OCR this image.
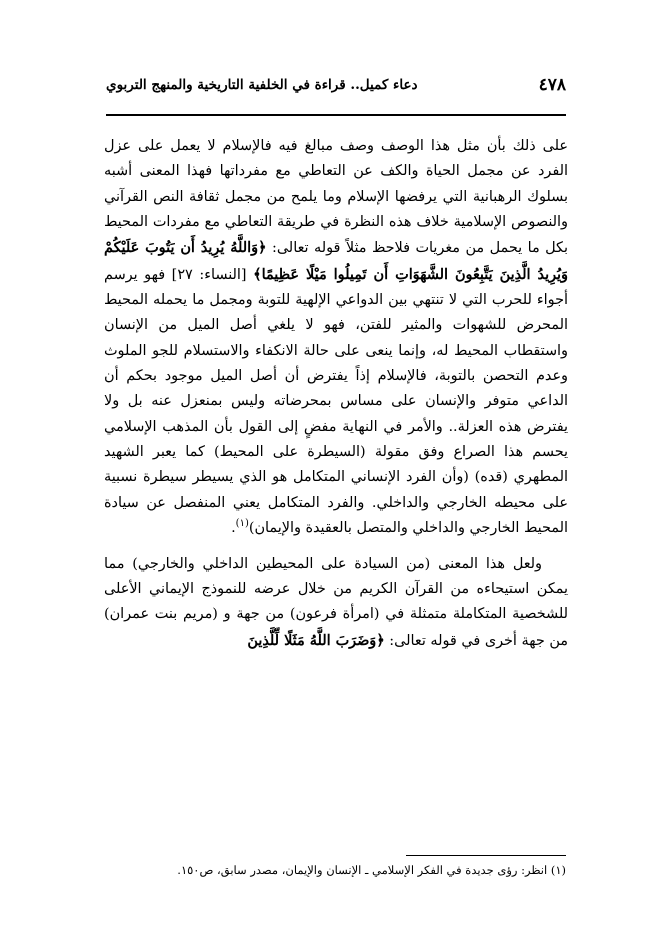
٤٧٨
دعاء كميل.. قراءة في الخلفية التاريخية والمنهج التربوي

على ذلك بأن مثل هذا الوصف وصف مبالغ فيه فالإسلام لا يعمل على عزل الفرد عن مجمل الحياة والكف عن التعاطي مع مفرداتها فهذا المعنى أشبه بسلوك الرهبانية التي يرفضها الإسلام وما يلمح من مجمل ثقافة النص القرآني والنصوص الإسلامية خلاف هذه النظرة في طريقة التعاطي مع مفردات المحيط بكل ما يحمل من مغريات فلاحظ مثلاً قوله تعالى: ﴿وَاللَّهُ يُرِيدُ أَن يَتُوبَ عَلَيْكُمْ وَيُرِيدُ الَّذِينَ يَتَّبِعُونَ الشَّهَوَاتِ أَن تَمِيلُوا مَيْلًا عَظِيمًا﴾ [النساء: ٢٧] فهو يرسم أجواء للحرب التي لا تنتهي بين الدواعي الإلهية للتوبة ومجمل ما يحمله المحيط المحرض للشهوات والمثير للفتن، فهو لا يلغي أصل الميل من الإنسان واستقطاب المحيط له، وإنما ينعى على حالة الانكفاء والاستسلام للجو الملوث وعدم التحصن بالتوبة، فالإسلام إذاً يفترض أن أصل الميل موجود بحكم أن الداعي متوفر والإنسان على مساس بمحرضاته وليس بمنعزل عنه بل ولا يفترض هذه العزلة.. والأمر في النهاية مفضٍ إلى القول بأن المذهب الإسلامي يحسم هذا الصراع وفق مقولة (السيطرة على المحيط) كما يعبر الشهيد المطهري (قده) (وأن الفرد الإنساني المتكامل هو الذي يسيطر سيطرة نسبية على محيطه الخارجي والداخلي. والفرد المتكامل يعني المنفصل عن سيادة المحيط الخارجي والداخلي والمتصل بالعقيدة والإيمان)$^{(١)}$.

ولعل هذا المعنى (من السيادة على المحيطين الداخلي والخارجي) مما يمكن استيحاءه من القرآن الكريم من خلال عرضه للنموذج الإيماني الأعلى للشخصية المتكاملة متمثلة في (امرأة فرعون) من جهة و (مريم بنت عمران) من جهة أخرى في قوله تعالى: ﴿وَضَرَبَ اللَّهُ مَثَلًا لِّلَّذِينَ

(١) انظر: رؤى جديدة في الفكر الإسلامي ـ الإنسان والإيمان، مصدر سابق، ص١٥٠.
